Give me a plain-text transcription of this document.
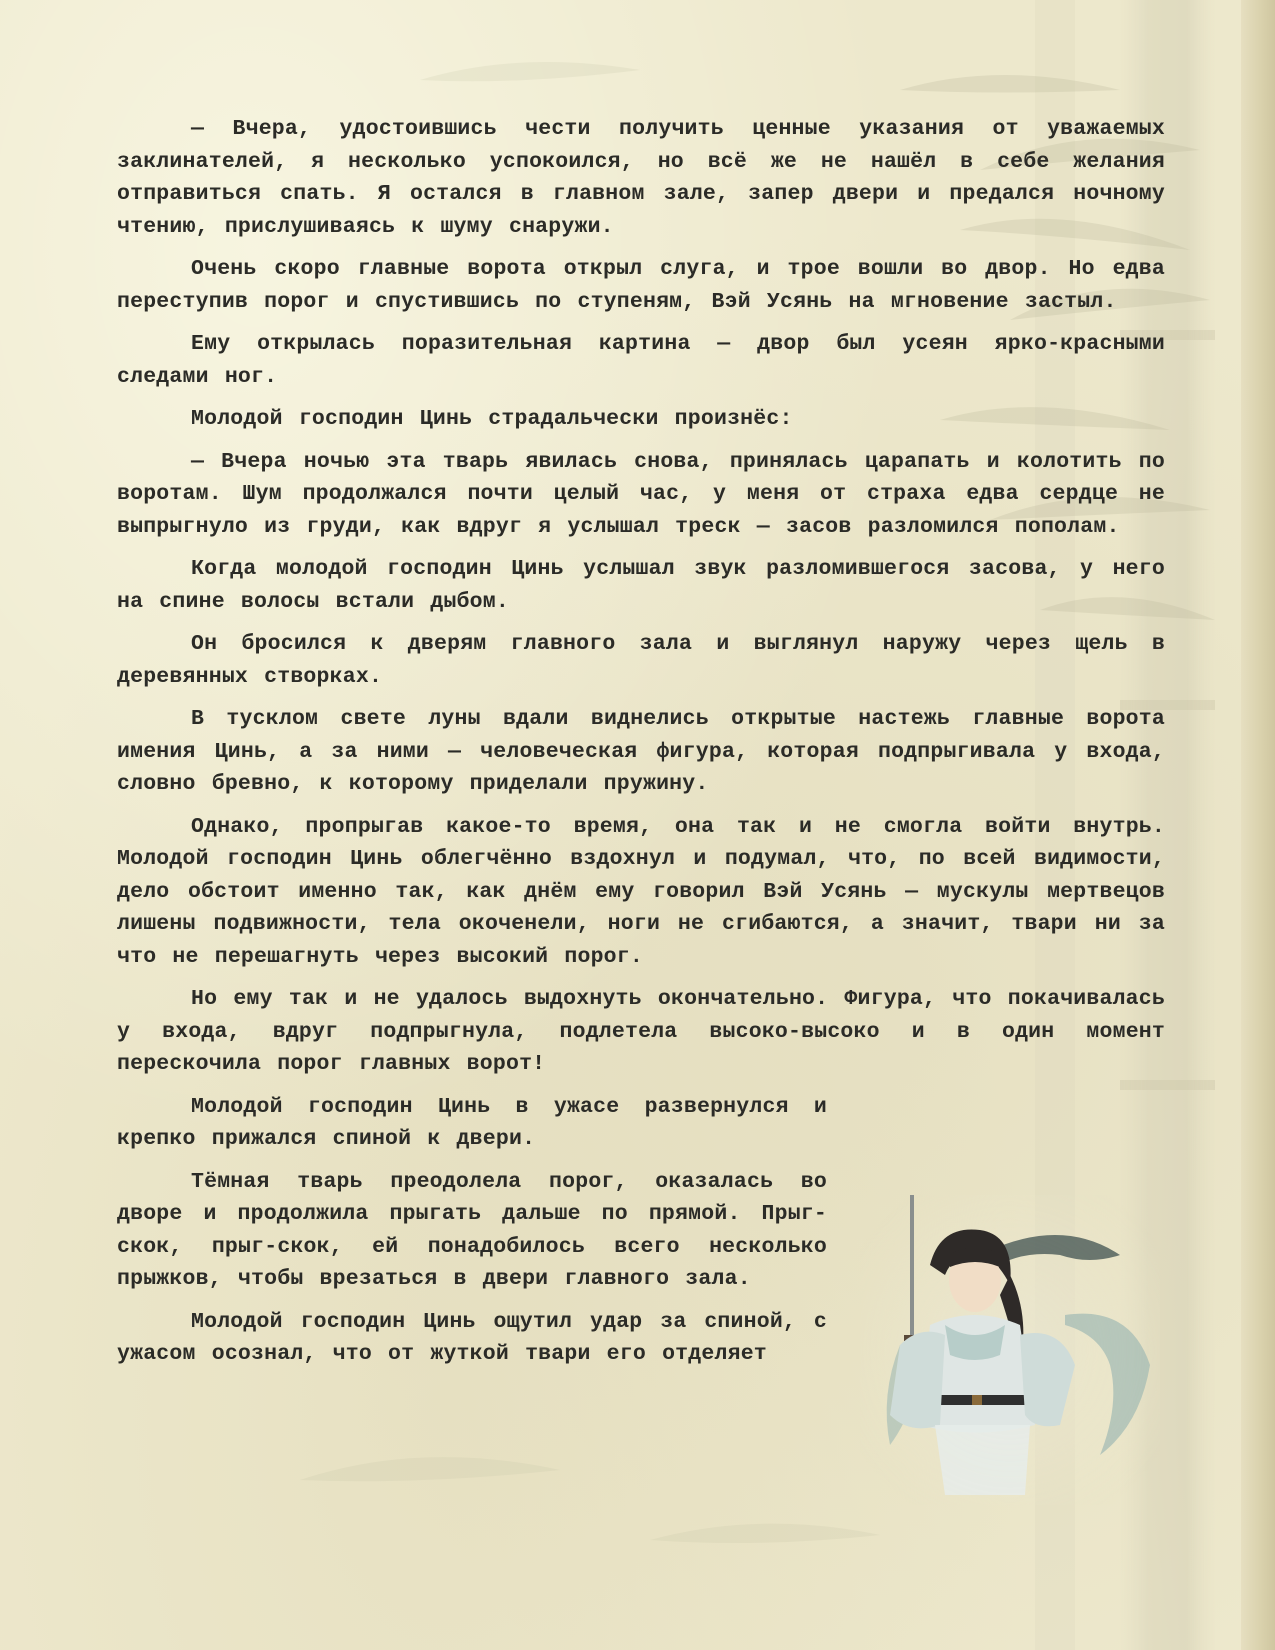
— Вчера, удостоившись чести получить ценные указания от уважаемых заклинателей, я несколько успокоился, но всё же не нашёл в себе желания отправиться спать. Я остался в главном зале, запер двери и предался ночному чтению, прислушиваясь к шуму снаружи.

Очень скоро главные ворота открыл слуга, и трое вошли во двор. Но едва переступив порог и спустившись по ступеням, Вэй Усянь на мгновение застыл.

Ему открылась поразительная картина — двор был усеян ярко-красными следами ног.

Молодой господин Цинь страдальчески произнёс:

— Вчера ночью эта тварь явилась снова, принялась царапать и колотить по воротам. Шум продолжался почти целый час, у меня от страха едва сердце не выпрыгнуло из груди, как вдруг я услышал треск — засов разломился пополам.

Когда молодой господин Цинь услышал звук разломившегося засова, у него на спине волосы встали дыбом.

Он бросился к дверям главного зала и выглянул наружу через щель в деревянных створках.

В тусклом свете луны вдали виднелись открытые настежь главные ворота имения Цинь, а за ними — человеческая фигура, которая подпрыгивала у входа, словно бревно, к которому приделали пружину.

Однако, пропрыгав какое-то время, она так и не смогла войти внутрь. Молодой господин Цинь облегчённо вздохнул и подумал, что, по всей видимости, дело обстоит именно так, как днём ему говорил Вэй Усянь — мускулы мертвецов лишены подвижности, тела окоченели, ноги не сгибаются, а значит, твари ни за что не перешагнуть через высокий порог.

Но ему так и не удалось выдохнуть окончательно. Фигура, что покачивалась у входа, вдруг подпрыгнула, подлетела высоко-высоко и в один момент перескочила порог главных ворот!

Молодой господин Цинь в ужасе развернулся и крепко прижался спиной к двери.

Тёмная тварь преодолела порог, оказалась во дворе и продолжила прыгать дальше по прямой. Прыг-скок, прыг-скок, ей понадобилось всего несколько прыжков, чтобы врезаться в двери главного зала.

Молодой господин Цинь ощутил удар за спиной, с ужасом осознал, что от жуткой твари его отделяет
